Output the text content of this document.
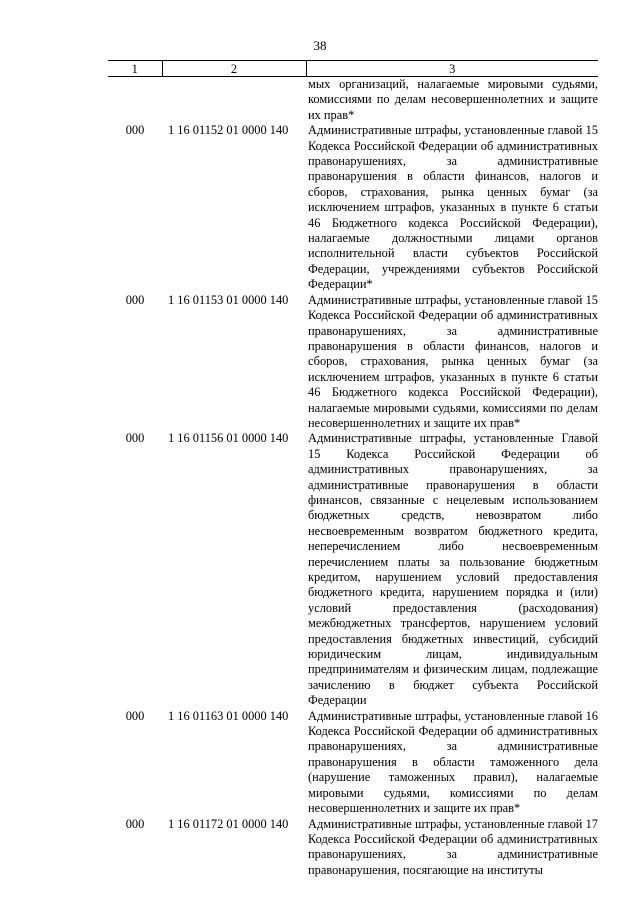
38
1	2	3
		мых организаций, налагаемые мировыми судьями, комиссиями по делам несовершеннолетних и защите их прав*
000	1 16 01152 01 0000 140	Административные штрафы, установленные главой 15 Кодекса Российской Федерации об административных правонарушениях, за административные правонарушения в области финансов, налогов и сборов, страхования, рынка ценных бумаг (за исключением штрафов, указанных в пункте 6 статьи 46 Бюджетного кодекса Российской Федерации), налагаемые должностными лицами органов исполнительной власти субъектов Российской Федерации, учреждениями субъектов Российской Федерации*
000	1 16 01153 01 0000 140	Административные штрафы, установленные главой 15 Кодекса Российской Федерации об административных правонарушениях, за административные правонарушения в области финансов, налогов и сборов, страхования, рынка ценных бумаг (за исключением штрафов, указанных в пункте 6 статьи 46 Бюджетного кодекса Российской Федерации), налагаемые мировыми судьями, комиссиями по делам несовершеннолетних и защите их прав*
000	1 16 01156 01 0000 140	Административные штрафы, установленные Главой 15 Кодекса Российской Федерации об административных правонарушениях, за административные правонарушения в области финансов, связанные с нецелевым использованием бюджетных средств, невозвратом либо несвоевременным возвратом бюджетного кредита, неперечислением либо несвоевременным перечислением платы за пользование бюджетным кредитом, нарушением условий предоставления бюджетного кредита, нарушением порядка и (или) условий предоставления (расходования) межбюджетных трансфертов, нарушением условий предоставления бюджетных инвестиций, субсидий юридическим лицам, индивидуальным предпринимателям и физическим лицам, подлежащие зачислению в бюджет субъекта Российской Федерации
000	1 16 01163 01 0000 140	Административные штрафы, установленные главой 16 Кодекса Российской Федерации об административных правонарушениях, за административные правонарушения в области таможенного дела (нарушение таможенных правил), налагаемые мировыми судьями, комиссиями по делам несовершеннолетних и защите их прав*
000	1 16 01172 01 0000 140	Административные штрафы, установленные главой 17 Кодекса Российской Федерации об административных правонарушениях, за административные правонарушения, посягающие на институты
